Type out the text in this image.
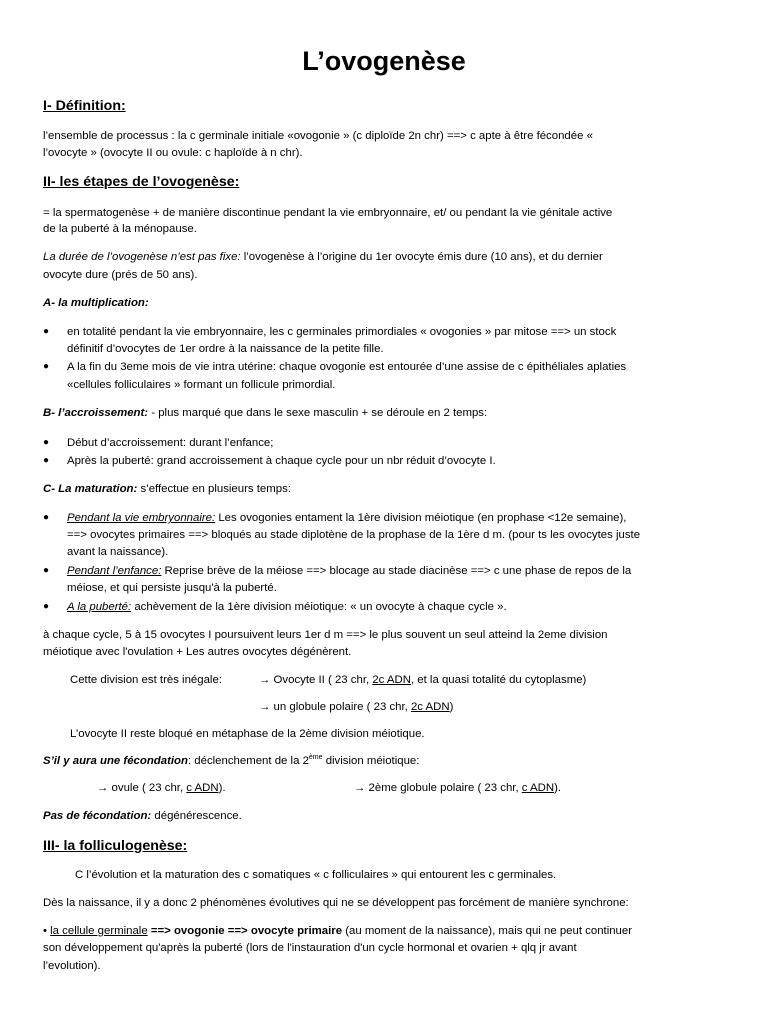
L’ovogenèse
I- Définition:
l’ensemble de processus : la c germinale initiale «ovogonie » (c diploïde 2n chr) ==> c apte à être fécondée «
l’ovocyte » (ovocyte II ou ovule: c haploïde à n chr).
II- les étapes de l’ovogenèse:
= la spermatogenèse + de manière discontinue pendant la vie embryonnaire, et/ ou pendant la vie génitale active
de la puberté à la ménopause.
La durée de l’ovogenèse n’est pas fixe: l’ovogenèse à l’origine du 1er ovocyte émis dure (10 ans), et du dernier
ovocyte dure (prés de 50 ans).
A- la multiplication:
● en totalité pendant la vie embryonnaire, les c germinales primordiales « ovogonies » par mitose ==> un stock
définitif d’ovocytes de 1er ordre à la naissance de la petite fille.
● A la fin du 3eme mois de vie intra utérine: chaque ovogonie est entourée d’une assise de c épithéliales aplaties
«cellules folliculaires » formant un follicule primordial.
B- l’accroissement: - plus marqué que dans le sexe masculin + se déroule en 2 temps:
● Début d’accroissement: durant l’enfance;
● Après la puberté: grand accroissement à chaque cycle pour un nbr réduit d’ovocyte I.
C- La maturation: s’effectue en plusieurs temps:
● Pendant la vie embryonnaire: Les ovogonies entament la 1ère division méiotique (en prophase <12e semaine),
==> ovocytes primaires ==> bloqués au stade diplotène de la prophase de la 1ère d m. (pour ts les ovocytes juste
avant la naissance).
● Pendant l’enfance: Reprise brève de la méiose ==> blocage au stade diacinèse ==> c une phase de repos de la
méiose, et qui persiste jusqu'à la puberté.
● A la puberté: achèvement de la 1ère division méiotique: « un ovocyte à chaque cycle ».
à chaque cycle, 5 à 15 ovocytes I poursuivent leurs 1er d m ==> le plus souvent un seul atteind la 2eme division
méiotique avec l'ovulation + Les autres ovocytes dégénèrent.
Cette division est très inégale:	→ Ovocyte II ( 23 chr, 2c ADN, et la quasi totalité du cytoplasme)
→ un globule polaire ( 23 chr, 2c ADN)
L’ovocyte II reste bloqué en métaphase de la 2ème division méiotique.
S’il y aura une fécondation: déclenchement de la 2ème division méiotique:
→ ovule ( 23 chr, c ADN).	→ 2ème globule polaire ( 23 chr, c ADN).
Pas de fécondation: dégénérescence.
III- la folliculogenèse:
C l’évolution et la maturation des c somatiques « c folliculaires » qui entourent les c germinales.
Dès la naissance, il y a donc 2 phénomènes évolutives qui ne se développent pas forcément de manière synchrone:
• la cellule germinale ==> ovogonie ==> ovocyte primaire (au moment de la naissance), mais qui ne peut continuer
son développement qu'après la puberté (lors de l'instauration d'un cycle hormonal et ovarien + qlq jr avant
l’evolution).
